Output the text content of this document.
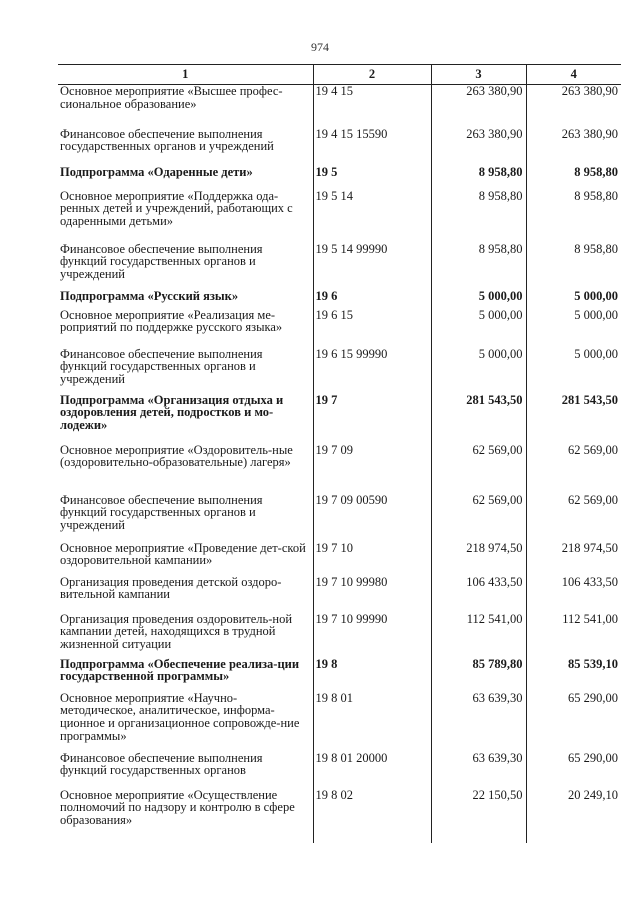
974
1	2	3	4
Основное мероприятие «Высшее профес-сиональное образование»	19 4 15	263 380,90	263 380,90
Финансовое обеспечение выполнения государственных органов и учреждений	19 4 15 15590	263 380,90	263 380,90
Подпрограмма «Одаренные дети»	19 5	8 958,80	8 958,80
Основное мероприятие «Поддержка ода-ренных детей и учреждений, работающих с одаренными детьми»	19 5 14	8 958,80	8 958,80
Финансовое обеспечение выполнения функций государственных органов и учреждений	19 5 14 99990	8 958,80	8 958,80
Подпрограмма «Русский язык»	19 6	5 000,00	5 000,00
Основное мероприятие «Реализация ме-роприятий по поддержке русского языка»	19 6 15	5 000,00	5 000,00
Финансовое обеспечение выполнения функций государственных органов и учреждений	19 6 15 99990	5 000,00	5 000,00
Подпрограмма «Организация отдыха и оздоровления детей, подростков и мо-лодежи»	19 7	281 543,50	281 543,50
Основное мероприятие «Оздоровитель-ные (оздоровительно-образовательные) лагеря»	19 7 09	62 569,00	62 569,00
Финансовое обеспечение выполнения функций государственных органов и учреждений	19 7 09 00590	62 569,00	62 569,00
Основное мероприятие «Проведение дет-ской оздоровительной кампании»	19 7 10	218 974,50	218 974,50
Организация проведения детской оздоро-вительной кампании	19 7 10 99980	106 433,50	106 433,50
Организация проведения оздоровитель-ной кампании детей, находящихся в трудной жизненной ситуации	19 7 10 99990	112 541,00	112 541,00
Подпрограмма «Обеспечение реализа-ции государственной программы»	19 8	85 789,80	85 539,10
Основное мероприятие «Научно-методическое, аналитическое, информа-ционное и организационное сопровожде-ние программы»	19 8 01	63 639,30	65 290,00
Финансовое обеспечение выполнения функций государственных органов	19 8 01 20000	63 639,30	65 290,00
Основное мероприятие «Осуществление полномочий по надзору и контролю в сфере образования»	19 8 02	22 150,50	20 249,10
